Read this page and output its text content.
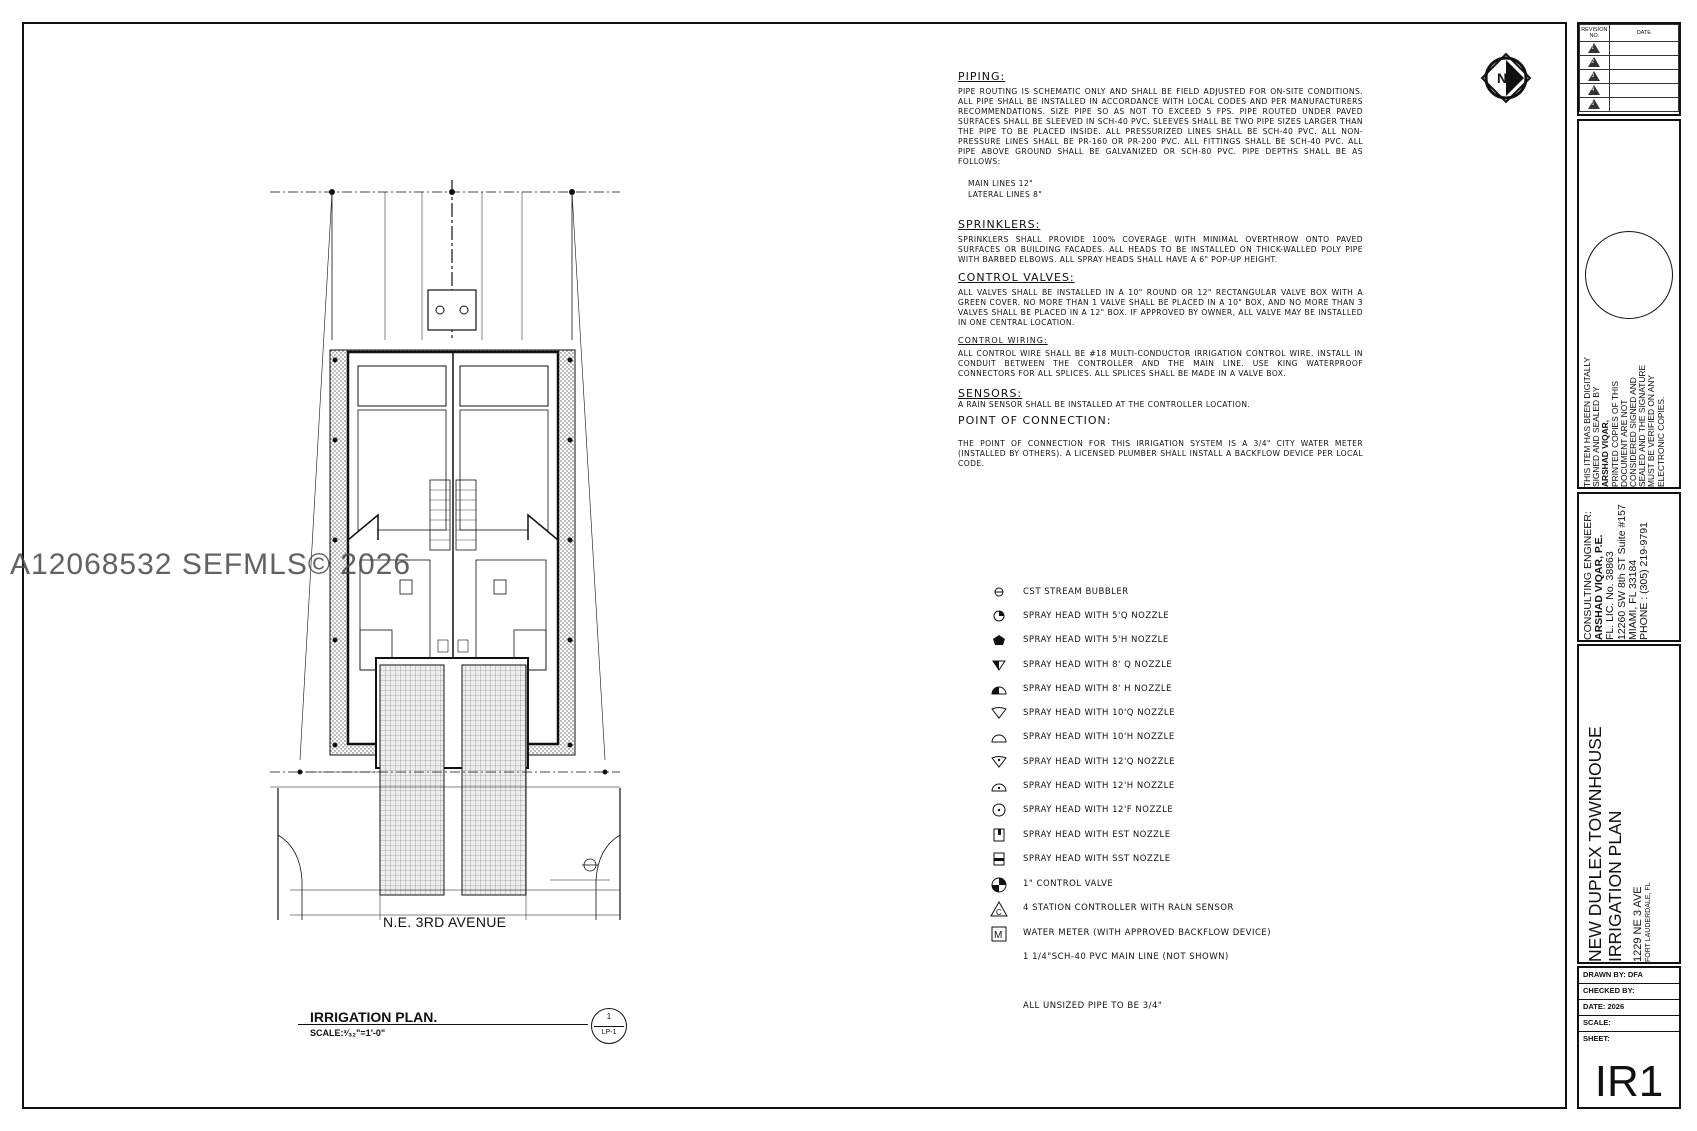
N.E. 3RD AVENUE
IRRIGATION PLAN.
SCALE:³⁄₃₂"=1'-0"
1
LP-1
N
PIPING:

PIPE ROUTING IS SCHEMATIC ONLY AND SHALL BE FIELD ADJUSTED FOR ON-SITE CONDITIONS. ALL PIPE SHALL BE INSTALLED IN ACCORDANCE WITH LOCAL CODES AND PER MANUFACTURERS RECOMMENDATIONS. SIZE PIPE SO AS NOT TO EXCEED 5 FPS. PIPE ROUTED UNDER PAVED SURFACES SHALL BE SLEEVED IN SCH-40 PVC. SLEEVES SHALL BE TWO PIPE SIZES LARGER THAN THE PIPE TO BE PLACED INSIDE. ALL PRESSURIZED LINES SHALL BE SCH-40 PVC. ALL NON-PRESSURE LINES SHALL BE PR-160 OR PR-200 PVC. ALL FITTINGS SHALL BE SCH-40 PVC. ALL PIPE ABOVE GROUND SHALL BE GALVANIZED OR SCH-80 PVC. PIPE DEPTHS SHALL BE AS FOLLOWS:

MAIN LINES 12"

LATERAL LINES 8"

SPRINKLERS:

SPRINKLERS SHALL PROVIDE 100% COVERAGE WITH MINIMAL OVERTHROW ONTO PAVED SURFACES OR BUILDING FACADES. ALL HEADS TO BE INSTALLED ON THICK-WALLED POLY PIPE WITH BARBED ELBOWS. ALL SPRAY HEADS SHALL HAVE A 6" POP-UP HEIGHT.

CONTROL VALVES:

ALL VALVES SHALL BE INSTALLED IN A 10" ROUND OR 12" RECTANGULAR VALVE BOX WITH A GREEN COVER. NO MORE THAN 1 VALVE SHALL BE PLACED IN A 10" BOX, AND NO MORE THAN 3 VALVES SHALL BE PLACED IN A 12" BOX. IF APPROVED BY OWNER, ALL VALVE MAY BE INSTALLED IN ONE CENTRAL LOCATION.

CONTROL WIRING:

ALL CONTROL WIRE SHALL BE #18 MULTI-CONDUCTOR IRRIGATION CONTROL WIRE. INSTALL IN CONDUIT BETWEEN THE CONTROLLER AND THE MAIN LINE. USE KING WATERPROOF CONNECTORS FOR ALL SPLICES. ALL SPLICES SHALL BE MADE IN A VALVE BOX.

SENSORS:

A RAIN SENSOR SHALL BE INSTALLED AT THE CONTROLLER LOCATION.

POINT OF CONNECTION:

THE POINT OF CONNECTION FOR THIS IRRIGATION SYSTEM IS A 3/4" CITY WATER METER (INSTALLED BY OTHERS). A LICENSED PLUMBER SHALL INSTALL A BACKFLOW DEVICE PER LOCAL CODE.

CST STREAM BUBBLER
SPRAY HEAD WITH 5'Q NOZZLE
SPRAY HEAD WITH 5'H NOZZLE
SPRAY HEAD WITH 8' Q NOZZLE
SPRAY HEAD WITH 8' H NOZZLE
SPRAY HEAD WITH 10'Q NOZZLE
SPRAY HEAD WITH 10'H NOZZLE
SPRAY HEAD WITH 12'Q NOZZLE
SPRAY HEAD WITH 12'H NOZZLE
SPRAY HEAD WITH 12'F NOZZLE
SPRAY HEAD WITH EST NOZZLE
SPRAY HEAD WITH SST NOZZLE
1" CONTROL VALVE
C 4 STATION CONTROLLER WITH RALN SENSOR
M WATER METER (WITH APPROVED BACKFLOW DEVICE)
1 1/4"SCH-40 PVC MAIN LINE (NOT SHOWN)
ALL UNSIZED PIPE TO BE 3/4"
REVISION NO.	DATE

1	

2	

3	

4	

5	

THIS ITEM HAS BEEN DIGITALLY SIGNED AND SEALED BY ARSHAD VIQAR, PRINTED COPIES OF THIS DOCUMENT ARE NOT CONSIDERED SIGNED AND SEALED AND THE SIGNATURE MUST BE VERIFIED ON ANY ELECTRONIC COPIES.
CONSULTING ENGINEER: ARSHAD VIQAR, P.E. FL. LIC. No. 38863 12260 SW 8th ST Suite #157 MIAMI, FL 33184 PHONE : (305) 219-9791
NEW DUPLEX TOWNHOUSE IRRIGATION PLAN 1229 NE 3 AVE FORT LAUDERDALE, FL
DRAWN BY: DFA
CHECKED BY:
DATE: 2026
SCALE:
SHEET:
IR1
A12068532 SEFMLS© 2026
